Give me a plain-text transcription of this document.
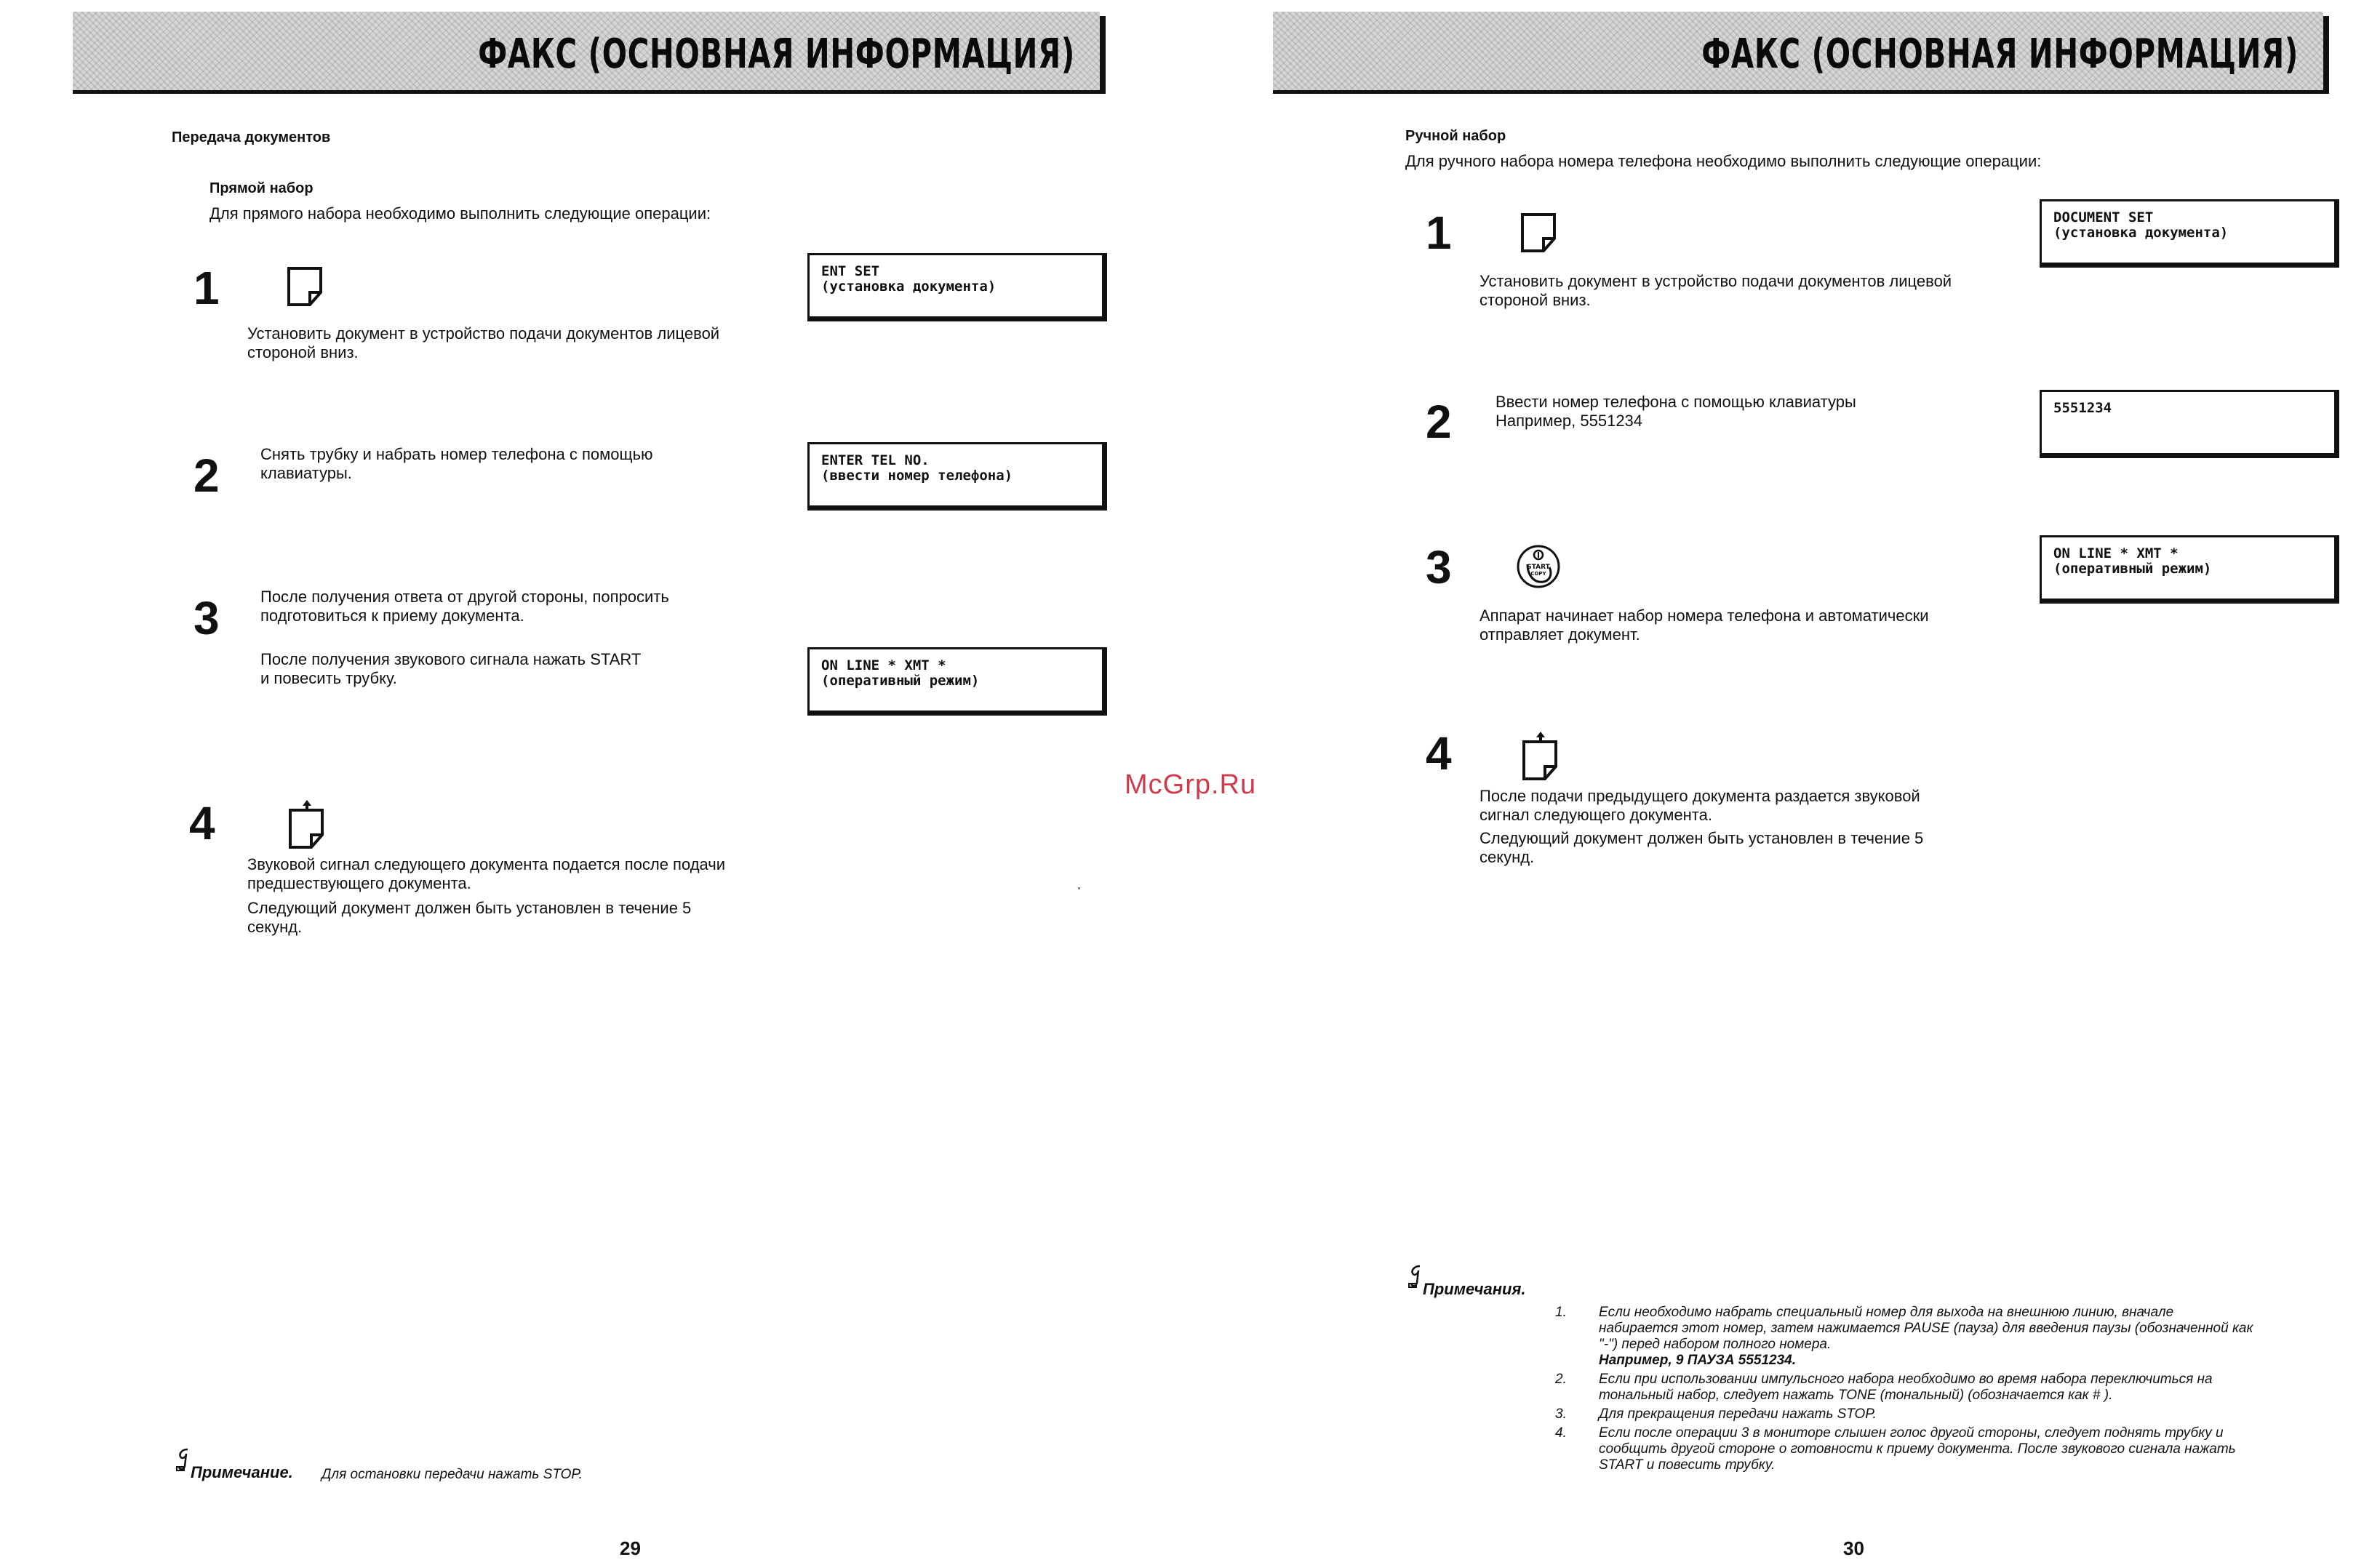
ФАКС (ОСНОВНАЯ ИНФОРМАЦИЯ)
Передача документов
Прямой набор
Для прямого набора необходимо выполнить следующие операции:
1
Установить документ в устройство подачи документов лицевой
стороной вниз.
ENT SET
(установка документа)
2	Снять трубку и набрать номер телефона с помощью
клавиатуры.
ENTER TEL NO.
(ввести номер телефона)
3	После получения ответа от другой стороны, попросить
подготовиться к приему документа.
После получения звукового сигнала нажать START
и повесить трубку.
ON LINE * XMT *
(оперативный режим)
4
Звуковой сигнал следующего документа подается после подачи
предшествующего документа.
Следующий документ должен быть установлен в течение 5
секунд.
Примечание. Для остановки передачи нажать STOP.
29
McGrp.Ru
ФАКС (ОСНОВНАЯ ИНФОРМАЦИЯ)
Ручной набор
Для ручного набора номера телефона необходимо выполнить следующие операции:
1
Установить документ в устройство подачи документов лицевой
стороной вниз.
DOCUMENT SET
(установка документа)
2	Ввести номер телефона с помощью клавиатуры
Например, 5551234
5551234
3	START
COPY
Аппарат начинает набор номера телефона и автоматически
отправляет документ.
ON LINE * XMT *
(оперативный режим)
4
После подачи предыдущего документа раздается звуковой
сигнал следующего документа.
Следующий документ должен быть установлен в течение 5
секунд.
Примечания.
1. Если необходимо набрать специальный номер для выхода на внешнюю линию, вначале
набирается этот номер, затем нажимается PAUSE (пауза) для введения паузы (обозначенной как
"-") перед набором полного номера.
Например, 9 ПАУЗА 5551234.
2. Если при использовании импульсного набора необходимо во время набора переключиться на
тональный набор, следует нажать TONE (тональный) (обозначается как # ).
3. Для прекращения передачи нажать STOP.
4. Если после операции 3 в мониторе слышен голос другой стороны, следует поднять трубку и
сообщить другой стороне о готовности к приему документа. После звукового сигнала нажать
START и повесить трубку.
30
